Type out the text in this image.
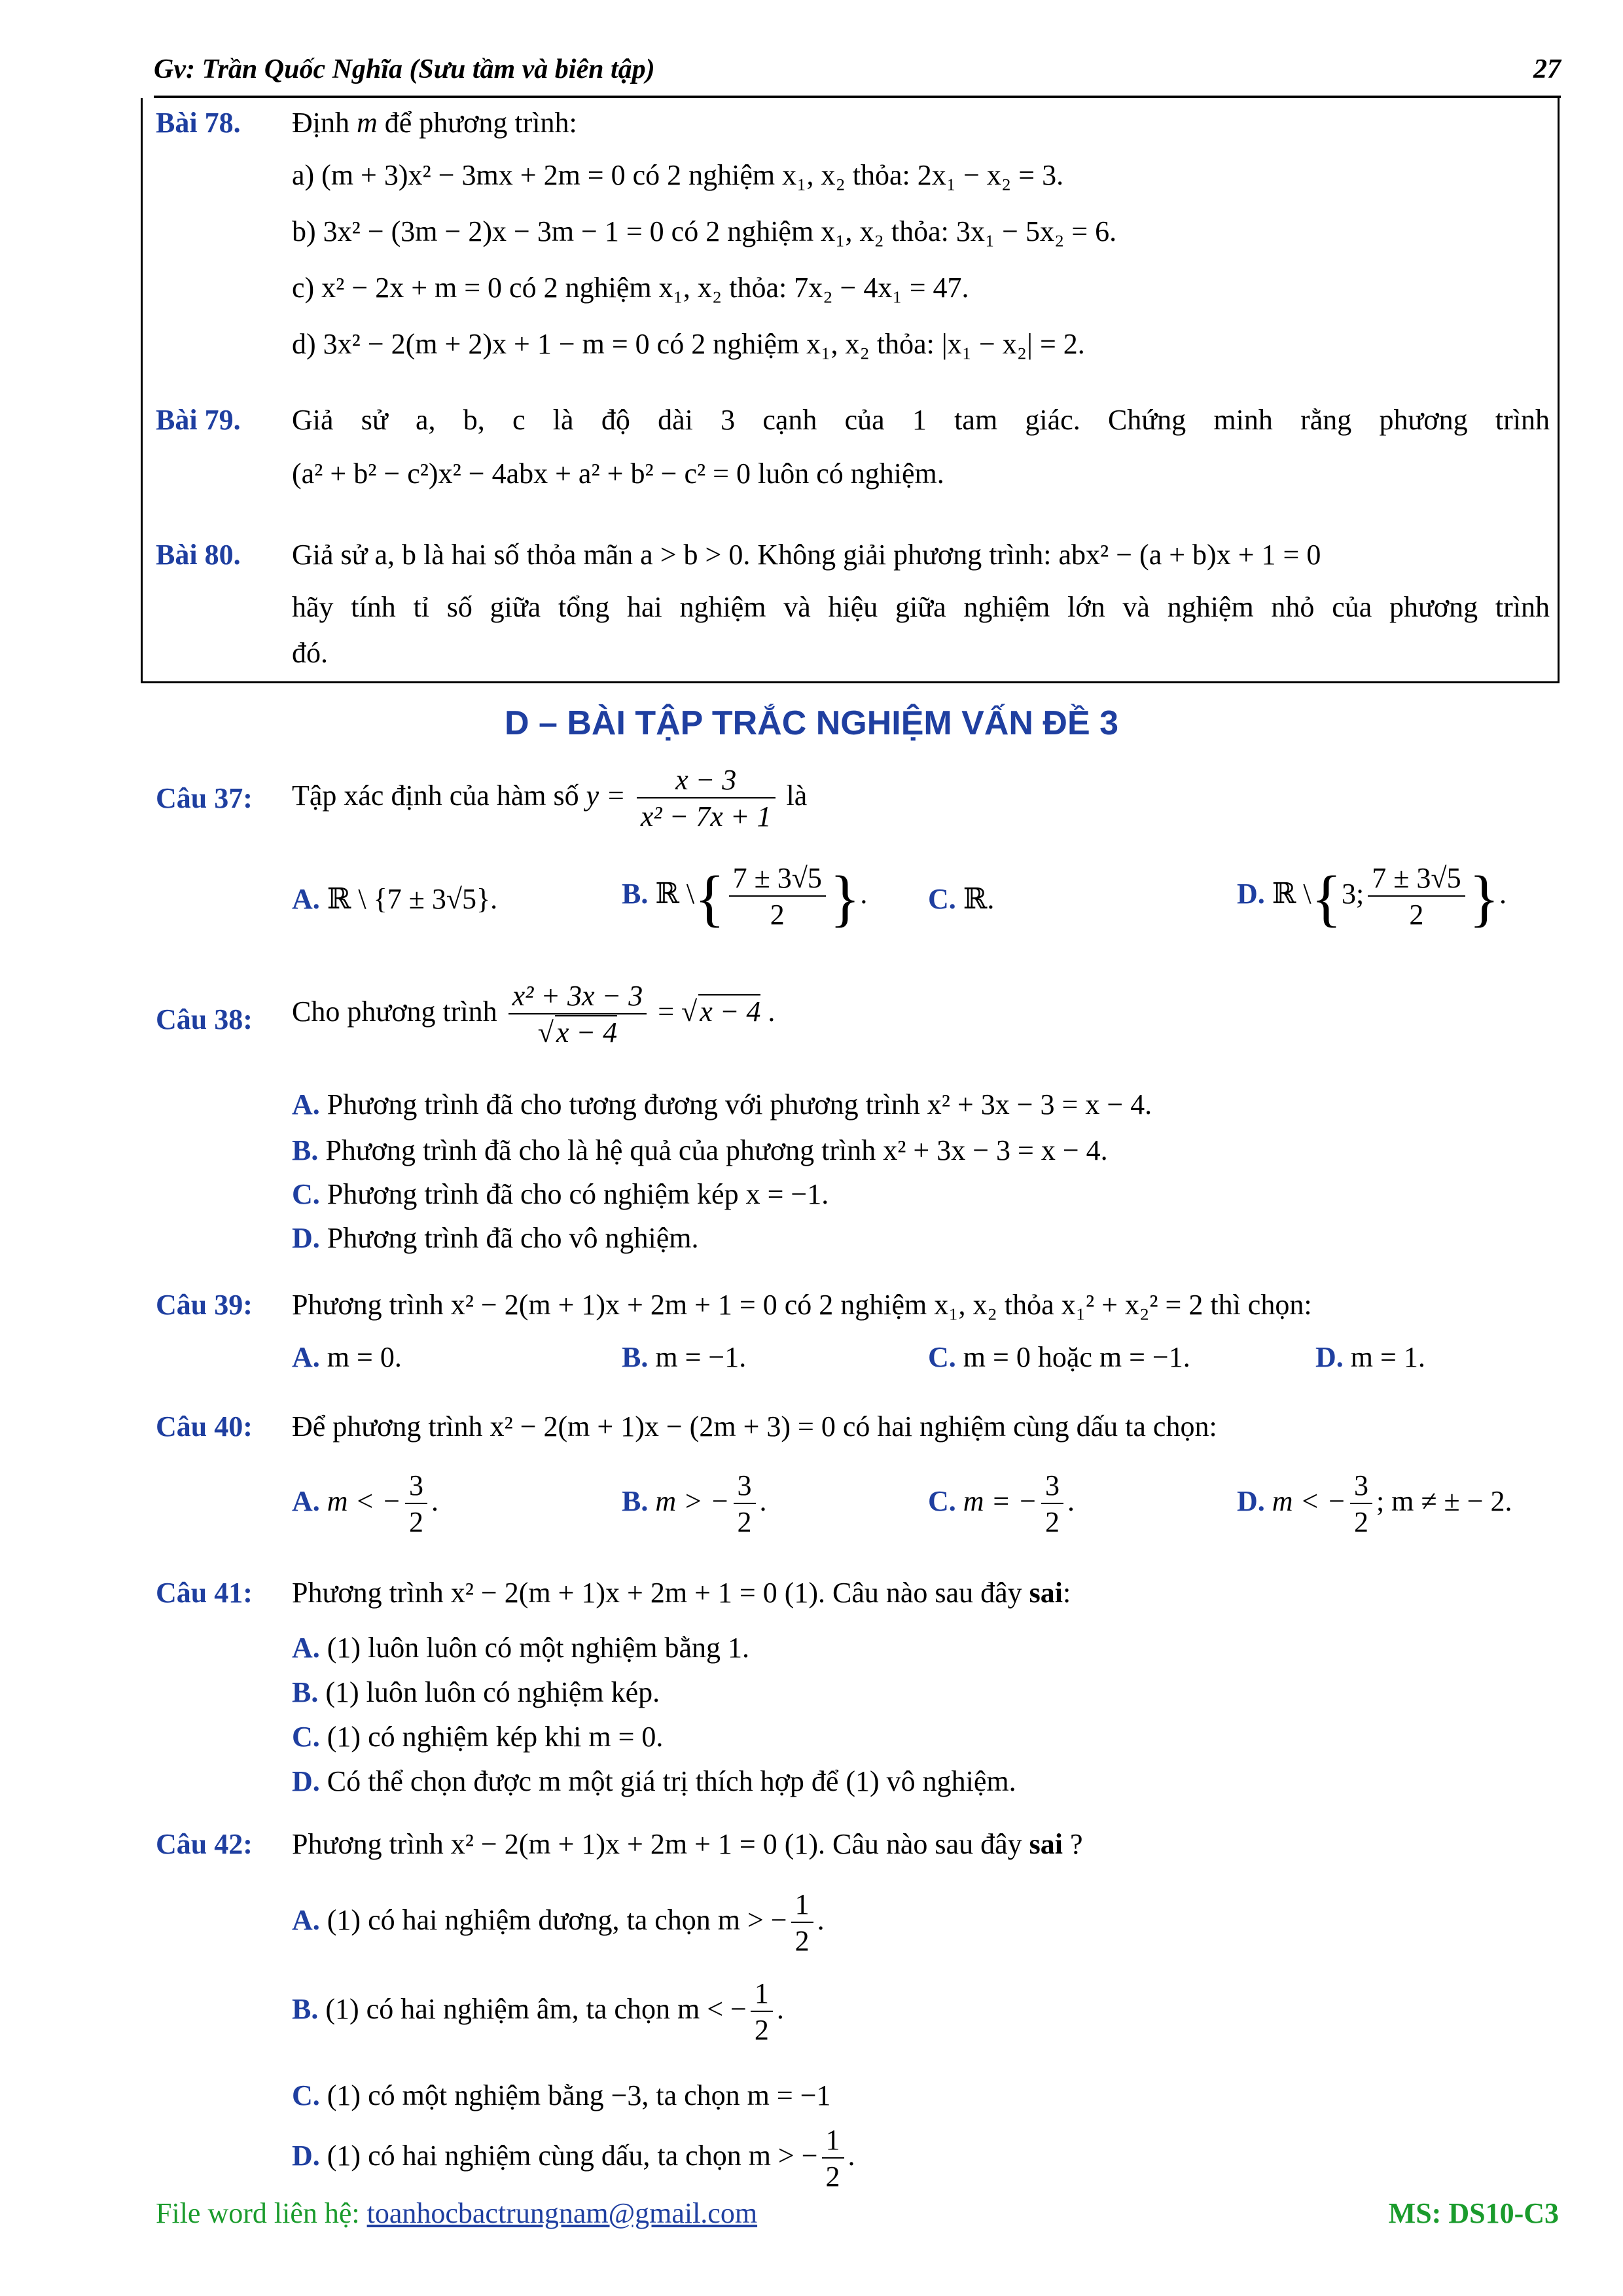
Gv: Trần Quốc Nghĩa (Sưu tầm và biên tập)	27
Bài 78. Định m để phương trình:
a) (m + 3)x² − 3mx + 2m = 0 có 2 nghiệm x₁, x₂ thỏa: 2x₁ − x₂ = 3.
b) 3x² − (3m − 2)x − 3m − 1 = 0 có 2 nghiệm x₁, x₂ thỏa: 3x₁ − 5x₂ = 6.
c) x² − 2x + m = 0 có 2 nghiệm x₁, x₂ thỏa: 7x₂ − 4x₁ = 47.
d) 3x² − 2(m + 2)x + 1 − m = 0 có 2 nghiệm x₁, x₂ thỏa: |x₁ − x₂| = 2.
Bài 79. Giả sử a, b, c là độ dài 3 cạnh của 1 tam giác. Chứng minh rằng phương trình
(a² + b² − c²)x² − 4abx + a² + b² − c² = 0 luôn có nghiệm.
Bài 80. Giả sử a, b là hai số thỏa mãn a > b > 0. Không giải phương trình: abx² − (a + b)x + 1 = 0
hãy tính tỉ số giữa tổng hai nghiệm và hiệu giữa nghiệm lớn và nghiệm nhỏ của phương trình
đó.
D – BÀI TẬP TRẮC NGHIỆM VẤN ĐỀ 3
Câu 37: Tập xác định của hàm số $y = \frac{x - 3}{\text{x² − 7x + 1}}$ là
A. ℝ \ {7 ± 3√5}.	B. ℝ \{ $\frac{7 \pm 3√5}{2}$ }. C. ℝ.	D. ℝ \{3; $\frac{7 \pm 3√5}{2}$ }.
Câu 38: Cho phương trình $\frac{\text{x² + 3x − 3}}{√x - 4} = √x - 4$ .
A. Phương trình đã cho tương đương với phương trình x² + 3x − 3 = x − 4.
B. Phương trình đã cho là hệ quả của phương trình x² + 3x − 3 = x − 4.
C. Phương trình đã cho có nghiệm kép x = −1.
D. Phương trình đã cho vô nghiệm.
Câu 39: Phương trình x² − 2(m + 1)x + 2m + 1 = 0 có 2 nghiệm x₁, x₂ thỏa x₁² + x₂² = 2 thì chọn:
A. m = 0.	B. m = −1.	C. m = 0 hoặc m = −1.	D. m = 1.
Câu 40: Để phương trình x² − 2(m + 1)x − (2m + 3) = 0 có hai nghiệm cùng dấu ta chọn:
A. m < − $\frac{3}{2}$ .	B. m > − $\frac{3}{2}$ .	C. m = − $\frac{3}{2}$ .	D. m < − $\frac{3}{2}$ ; m ≠ ± − 2.
Câu 41: Phương trình x² − 2(m + 1)x + 2m + 1 = 0 (1). Câu nào sau đây sai:
A. (1) luôn luôn có một nghiệm bằng 1.
B. (1) luôn luôn có nghiệm kép.
C. (1) có nghiệm kép khi m = 0.
D. Có thể chọn được m một giá trị thích hợp để (1) vô nghiệm.
Câu 42: Phương trình x² − 2(m + 1)x + 2m + 1 = 0 (1). Câu nào sau đây sai ?
A. (1) có hai nghiệm dương, ta chọn m > − $\frac{1}{2}$ .
B. (1) có hai nghiệm âm, ta chọn m < − $\frac{1}{2}$ .
C. (1) có một nghiệm bằng −3, ta chọn m = −1
D. (1) có hai nghiệm cùng dấu, ta chọn m > − $\frac{1}{2}$ .
File word liên hệ: toanhocbactrungnam@gmail.com	MS: DS10-C3
